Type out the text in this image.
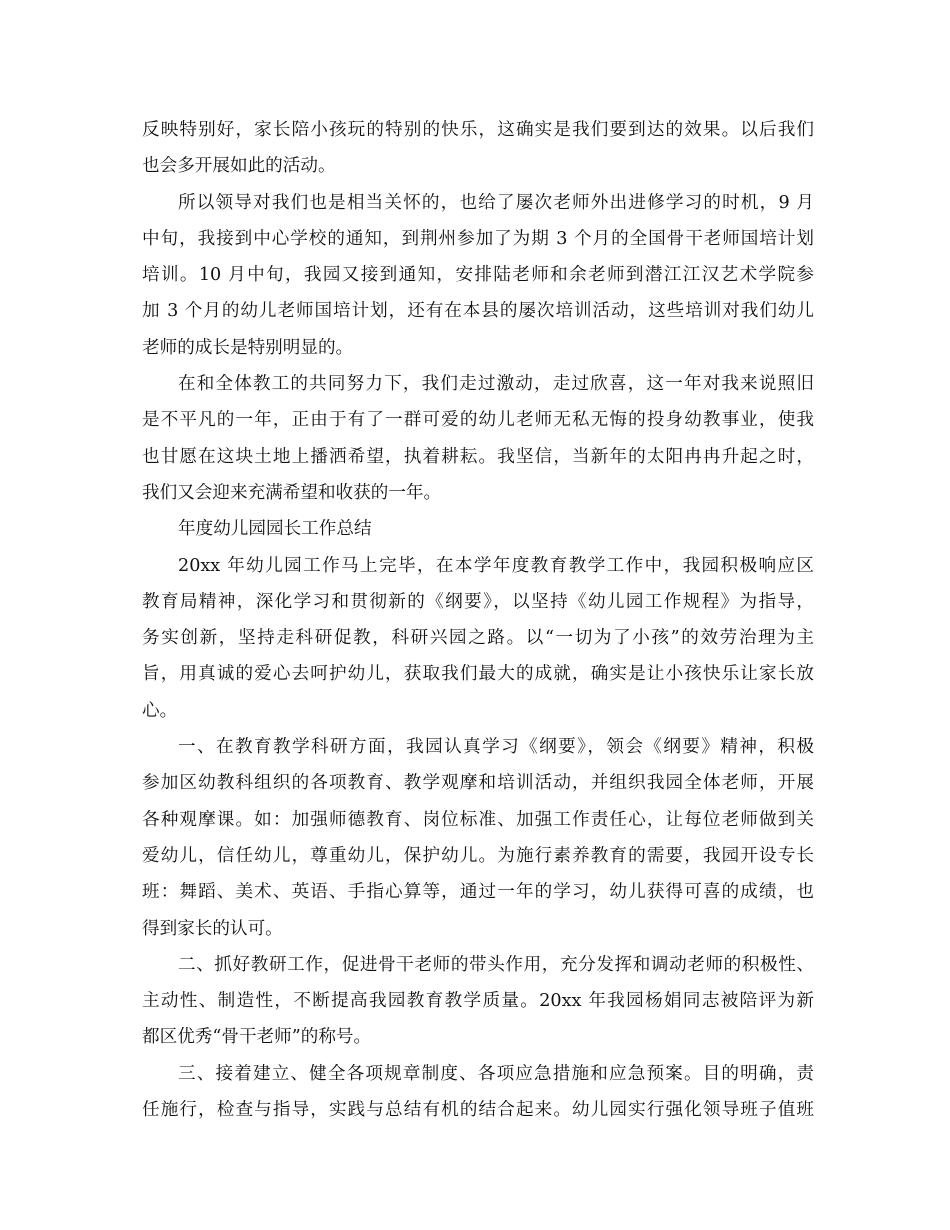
反映特别好，家长陪小孩玩的特别的快乐，这确实是我们要到达的效果。以后我们
也会多开展如此的活动。
所以领导对我们也是相当关怀的，也给了屡次老师外出进修学习的时机，9 月
中旬，我接到中心学校的通知，到荆州参加了为期 3 个月的全国骨干老师国培计划
培训。10 月中旬，我园又接到通知，安排陆老师和余老师到潜江江汉艺术学院参
加 3 个月的幼儿老师国培计划，还有在本县的屡次培训活动，这些培训对我们幼儿
老师的成长是特别明显的。
在和全体教工的共同努力下，我们走过激动，走过欣喜，这一年对我来说照旧
是不平凡的一年，正由于有了一群可爱的幼儿老师无私无悔的投身幼教事业，使我
也甘愿在这块土地上播洒希望，执着耕耘。我坚信，当新年的太阳冉冉升起之时，
我们又会迎来充满希望和收获的一年。
年度幼儿园园长工作总结
20xx 年幼儿园工作马上完毕，在本学年度教育教学工作中，我园积极响应区
教育局精神，深化学习和贯彻新的《纲要》，以坚持《幼儿园工作规程》为指导，
务实创新，坚持走科研促教，科研兴园之路。以“一切为了小孩”的效劳治理为主
旨，用真诚的爱心去呵护幼儿，获取我们最大的成就，确实是让小孩快乐让家长放
心。
一、在教育教学科研方面，我园认真学习《纲要》，领会《纲要》精神，积极
参加区幼教科组织的各项教育、教学观摩和培训活动，并组织我园全体老师，开展
各种观摩课。如：加强师德教育、岗位标准、加强工作责任心，让每位老师做到关
爱幼儿，信任幼儿，尊重幼儿，保护幼儿。为施行素养教育的需要，我园开设专长
班：舞蹈、美术、英语、手指心算等，通过一年的学习，幼儿获得可喜的成绩，也
得到家长的认可。
二、抓好教研工作，促进骨干老师的带头作用，充分发挥和调动老师的积极性、
主动性、制造性，不断提高我园教育教学质量。20xx 年我园杨娟同志被陪评为新
都区优秀“骨干老师”的称号。
三、接着建立、健全各项规章制度、各项应急措施和应急预案。目的明确，责
任施行，检查与指导，实践与总结有机的结合起来。幼儿园实行强化领导班子值班
